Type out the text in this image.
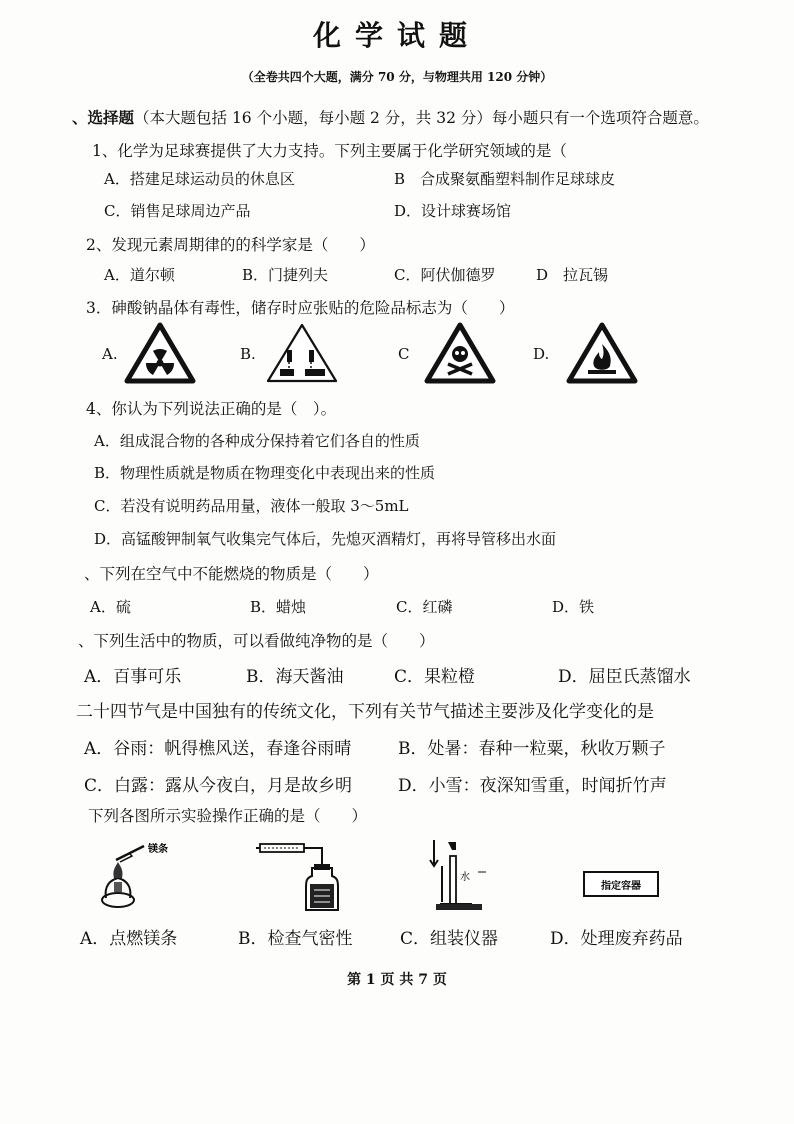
化学试题
（全卷共四个大题，满分 70 分，与物理共用 120 分钟）
、选择题（本大题包括 16 个小题，每小题 2 分，共 32 分）每小题只有一个选项符合题意。
1、化学为足球赛提供了大力支持。下列主要属于化学研究领域的是（
A．搭建足球运动员的休息区	B　合成聚氨酯塑料制作足球球皮
C．销售足球周边产品	D．设计球赛场馆
2、发现元素周期律的的科学家是（　　）
A．道尔顿	B．门捷列夫	C．阿伏伽德罗	D　拉瓦锡
3．砷酸钠晶体有毒性，储存时应张贴的危险品标志为（　　）
A.	B.	C	D.
4、你认为下列说法正确的是（　）。
A．组成混合物的各种成分保持着它们各自的性质
B．物理性质就是物质在物理变化中表现出来的性质
C．若没有说明药品用量，液体一般取 3～5mL
D．高锰酸钾制氧气收集完气体后，先熄灭酒精灯，再将导管移出水面
、下列在空气中不能燃烧的物质是（　　）
A．硫	B．蜡烛	C．红磷	D．铁
、下列生活中的物质，可以看做纯净物的是（　　）
A．百事可乐	B．海天酱油	C．果粒橙	D．屈臣氏蒸馏水
二十四节气是中国独有的传统文化，下列有关节气描述主要涉及化学变化的是
A．谷雨：帆得樵风送，春逢谷雨晴	B．处暑：春种一粒粟，秋收万颗子
C．白露：露从今夜白，月是故乡明	D．小雪：夜深知雪重，时闻折竹声
下列各图所示实验操作正确的是（　　）
镁条
水
指定容器
A．点燃镁条	B．检查气密性	C．组装仪器	D．处理废弃药品
第 1 页 共 7 页
